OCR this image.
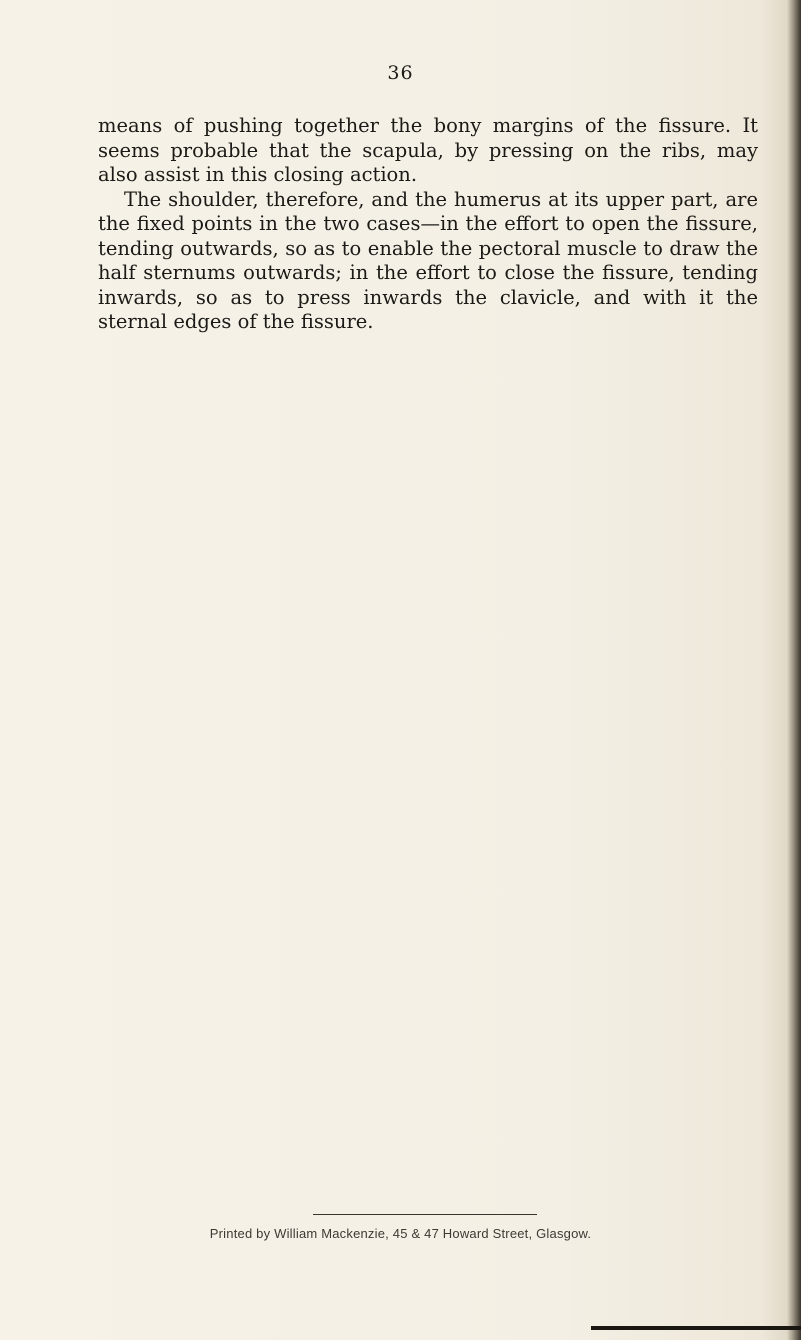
36

means of pushing together the bony margins of the fissure. It seems probable that the scapula, by pressing on the ribs, may also assist in this closing action.

The shoulder, therefore, and the humerus at its upper part, are the fixed points in the two cases—in the effort to open the fissure, tending outwards, so as to enable the pectoral muscle to draw the half sternums outwards; in the effort to close the fissure, tending inwards, so as to press inwards the clavicle, and with it the sternal edges of the fissure.

Printed by William Mackenzie, 45 & 47 Howard Street, Glasgow.
